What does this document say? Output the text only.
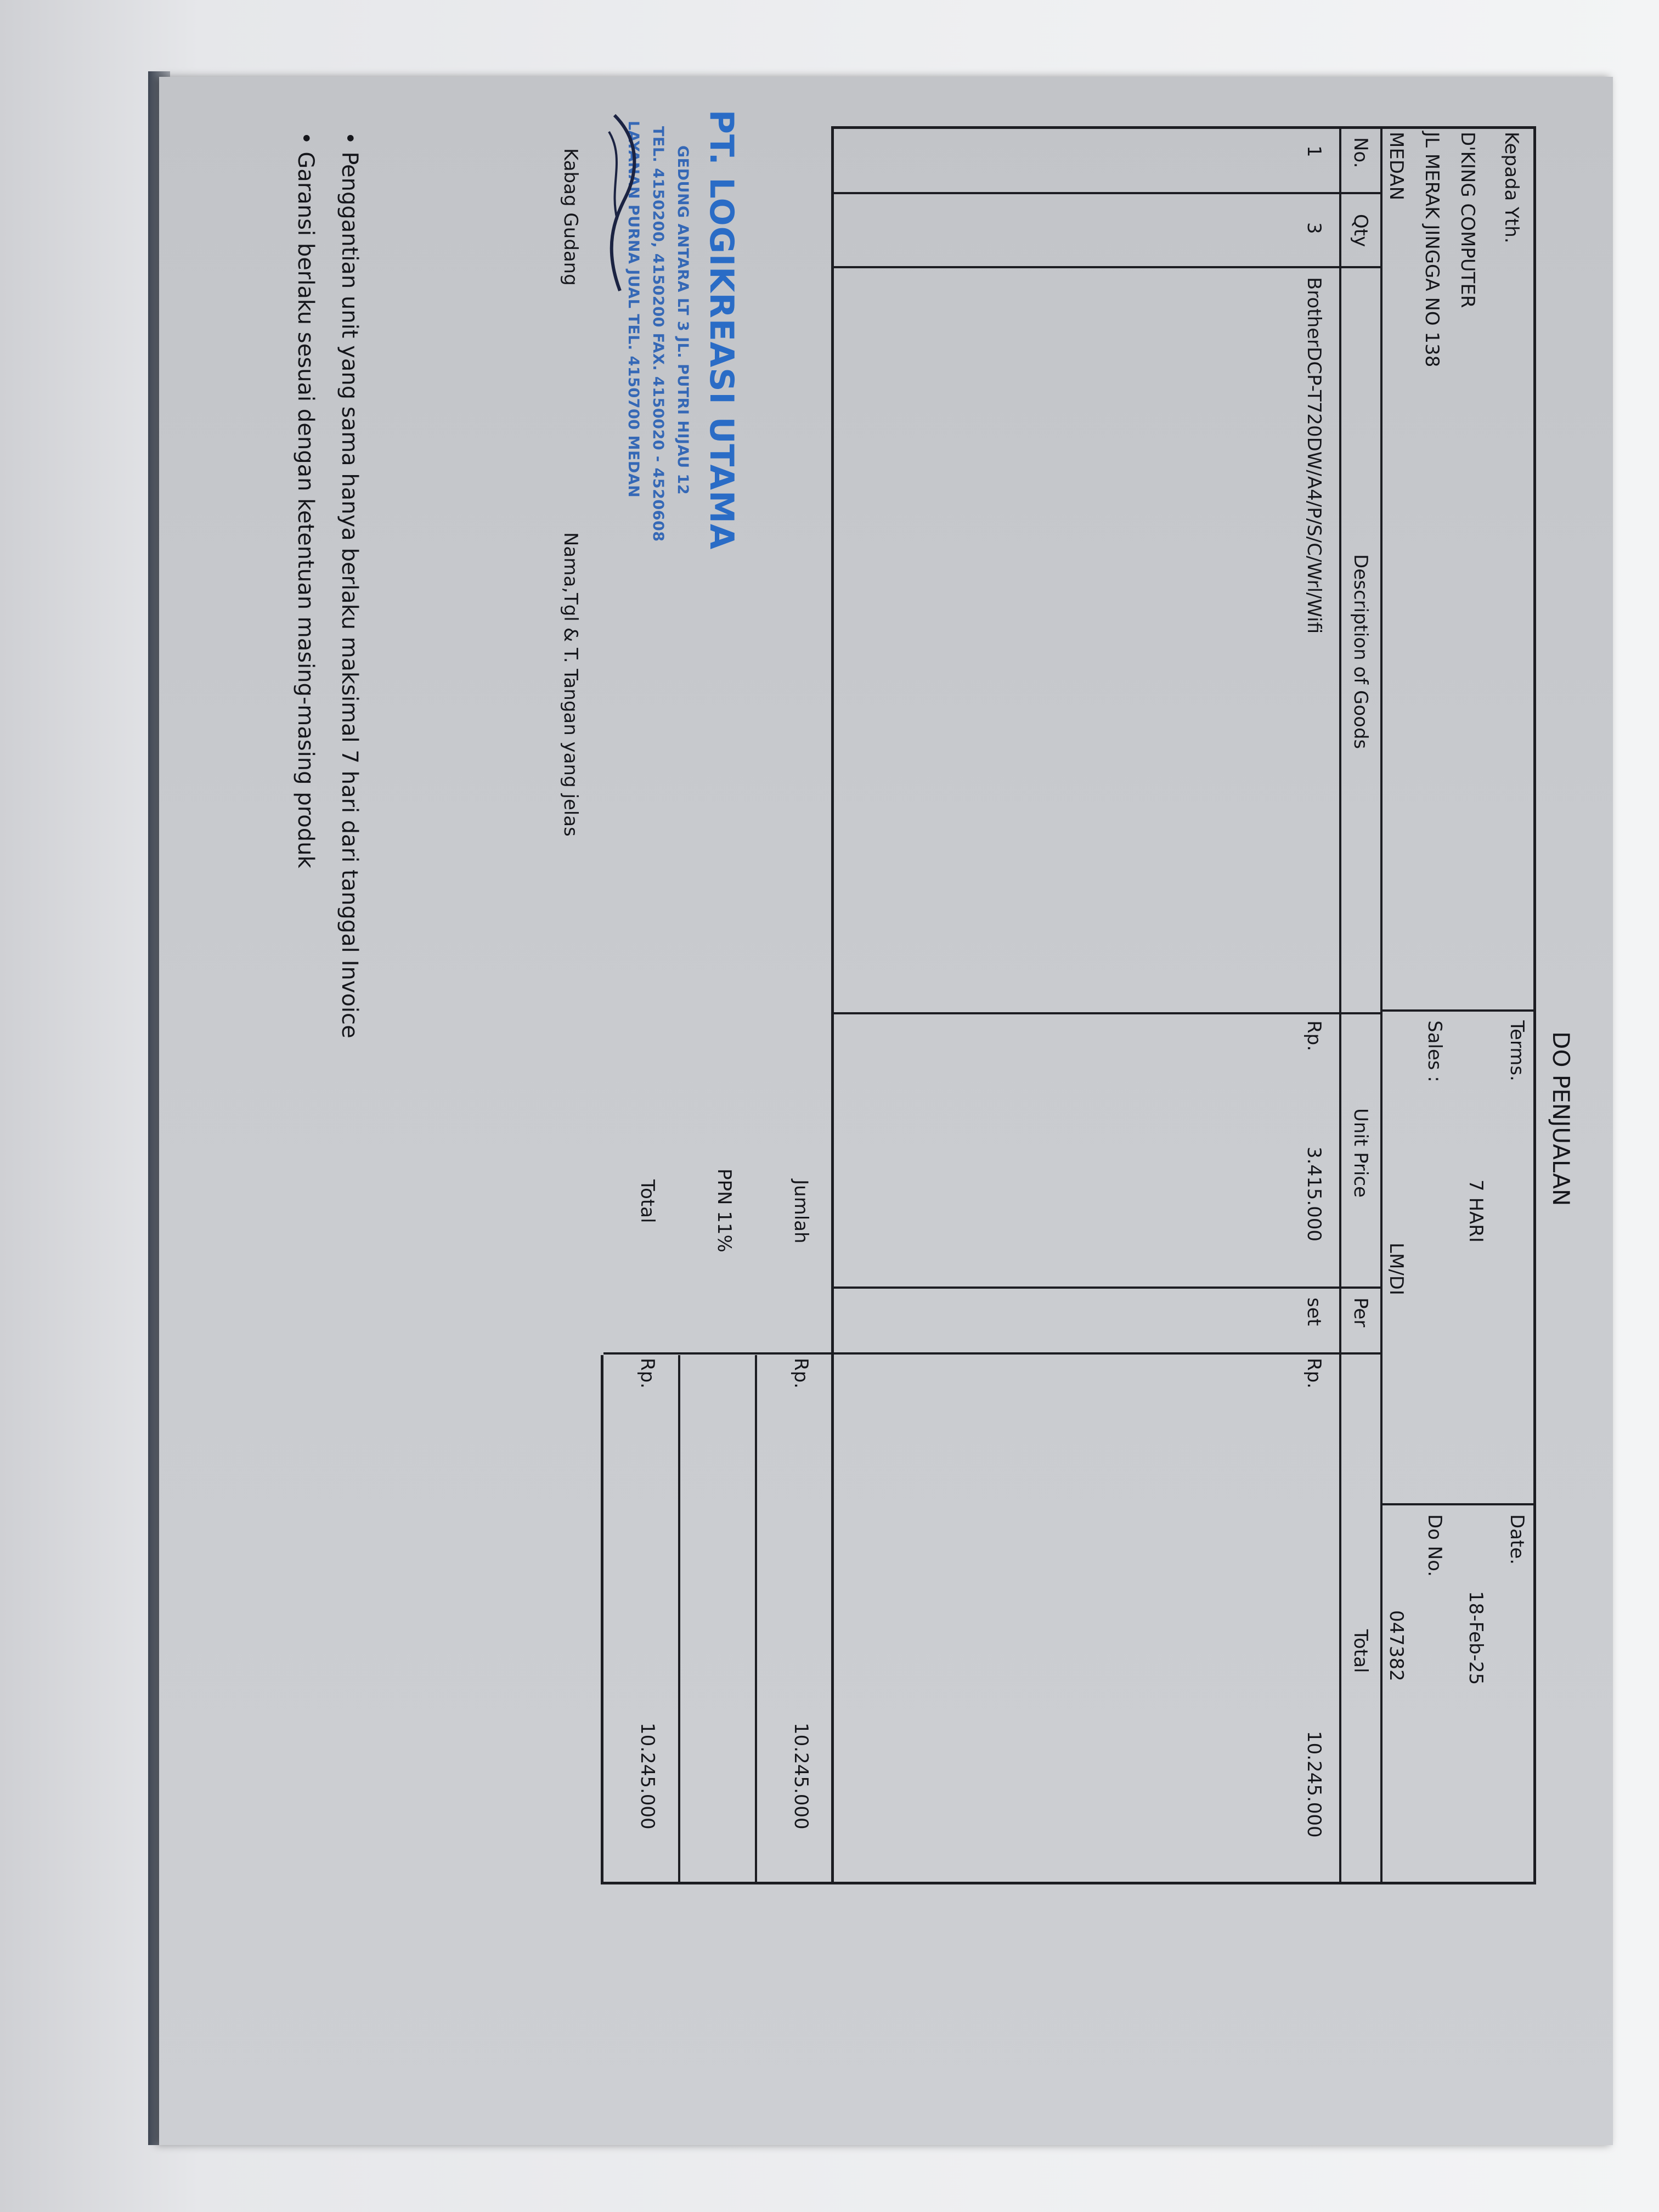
DO PENJUALAN
Kepada Yth.
D'KING COMPUTER
JL MERAK JINGGA NO 138
MEDAN
Terms.
7 HARI
Date.
18-Feb-25
Sales :
LM/DI
Do No.
047382
No.
Qty
Description of Goods
Unit Price
Per
Total
1
3
BrotherDCP-T720DW/A4/P/S/C/Wrl/Wifi
Rp.
3.415.000
set
Rp.
10.245.000
Jumlah
Rp.
10.245.000
PPN 11%
Total
Rp.
10.245.000
PT. LOGIKREASI UTAMA
GEDUNG ANTARA LT 3 JL. PUTRI HIJAU 12
TEL. 4150200, 4150200 FAX. 4150020 - 4520608
LAYANAN PURNA JUAL TEL. 4150700 MEDAN
Kabag Gudang
Nama,Tgl & T. Tangan yang jelas
• Penggantian unit yang sama hanya berlaku maksimal 7 hari dari tanggal Invoice
• Garansi berlaku sesuai dengan ketentuan masing-masing produk
